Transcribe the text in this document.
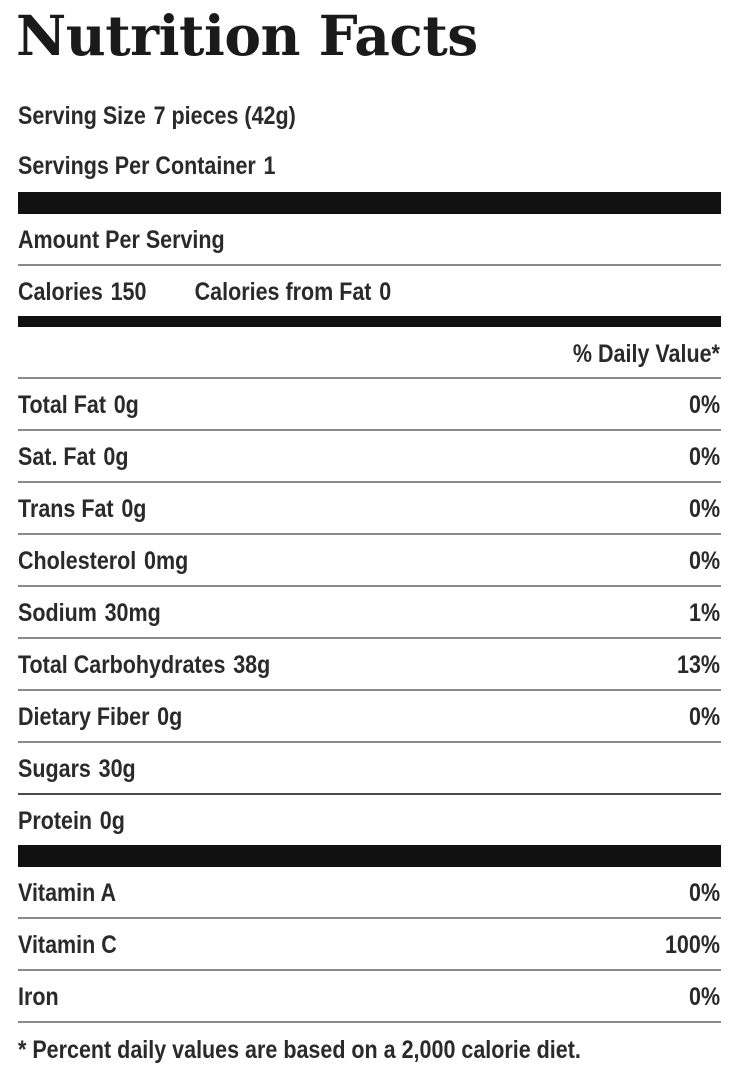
Nutrition Facts
Serving Size 7 pieces (42g)
Servings Per Container 1
Amount Per Serving
Calories 150 Calories from Fat 0
% Daily Value*
Total Fat 0g	0%
Sat. Fat 0g	0%
Trans Fat 0g	0%
Cholesterol 0mg	0%
Sodium 30mg	1%
Total Carbohydrates 38g	13%
Dietary Fiber 0g	0%
Sugars 30g
Protein 0g
Vitamin A	0%
Vitamin C	100%
Iron	0%
* Percent daily values are based on a 2,000 calorie diet.
